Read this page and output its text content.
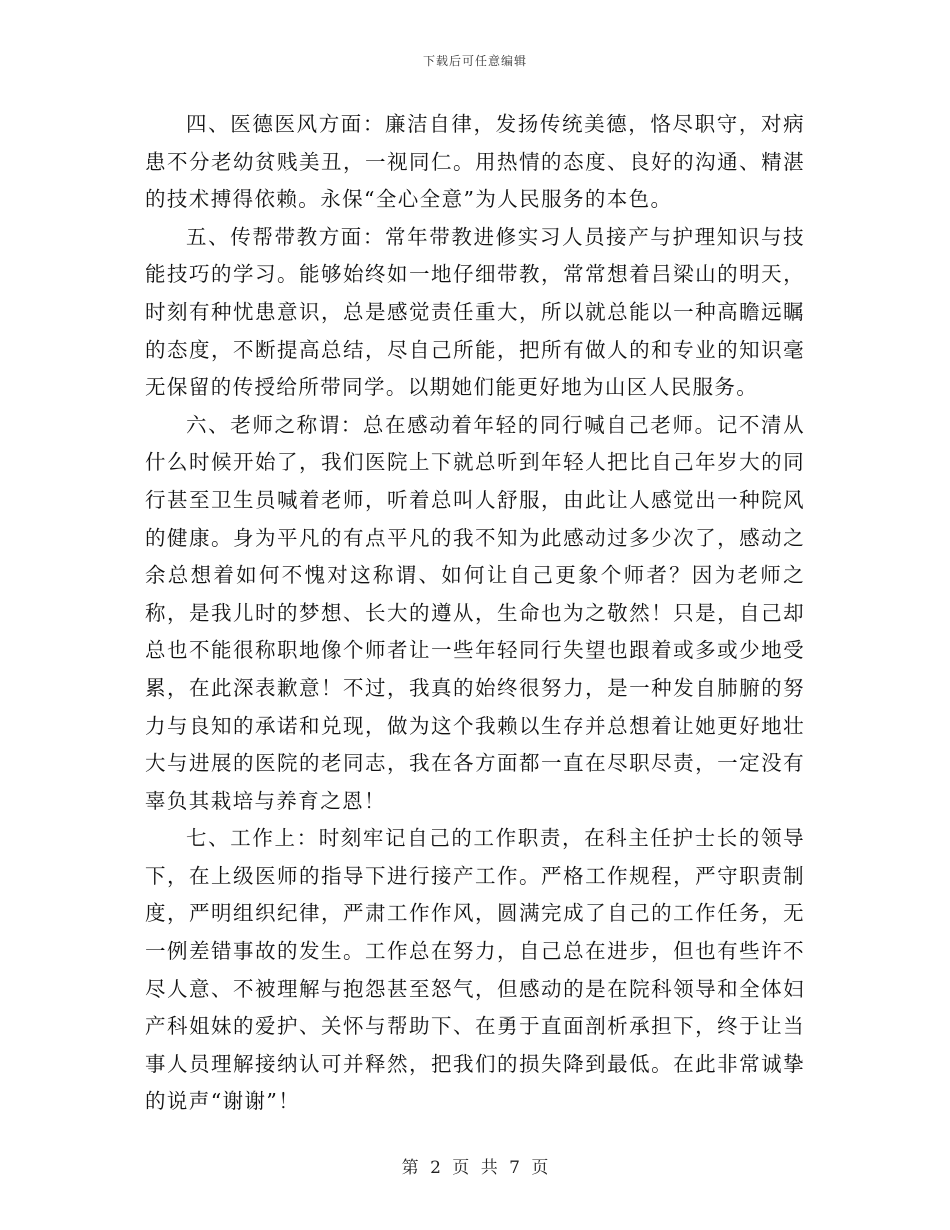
下载后可任意编辑

四、医德医风方面：廉洁自律，发扬传统美德，恪尽职守，对病患不分老幼贫贱美丑，一视同仁。用热情的态度、良好的沟通、精湛的技术搏得依赖。永保“全心全意”为人民服务的本色。

五、传帮带教方面：常年带教进修实习人员接产与护理知识与技能技巧的学习。能够始终如一地仔细带教，常常想着吕梁山的明天，时刻有种忧患意识，总是感觉责任重大，所以就总能以一种高瞻远瞩的态度，不断提高总结，尽自己所能，把所有做人的和专业的知识毫无保留的传授给所带同学。以期她们能更好地为山区人民服务。

六、老师之称谓：总在感动着年轻的同行喊自己老师。记不清从什么时候开始了，我们医院上下就总听到年轻人把比自己年岁大的同行甚至卫生员喊着老师，听着总叫人舒服，由此让人感觉出一种院风的健康。身为平凡的有点平凡的我不知为此感动过多少次了，感动之余总想着如何不愧对这称谓、如何让自己更象个师者？因为老师之称，是我儿时的梦想、长大的遵从，生命也为之敬然！只是，自己却总也不能很称职地像个师者让一些年轻同行失望也跟着或多或少地受累，在此深表歉意！不过，我真的始终很努力，是一种发自肺腑的努力与良知的承诺和兑现，做为这个我赖以生存并总想着让她更好地壮大与进展的医院的老同志，我在各方面都一直在尽职尽责，一定没有辜负其栽培与养育之恩！

七、工作上：时刻牢记自己的工作职责，在科主任护士长的领导下，在上级医师的指导下进行接产工作。严格工作规程，严守职责制度，严明组织纪律，严肃工作作风，圆满完成了自己的工作任务，无一例差错事故的发生。工作总在努力，自己总在进步，但也有些许不尽人意、不被理解与抱怨甚至怒气，但感动的是在院科领导和全体妇产科姐妹的爱护、关怀与帮助下、在勇于直面剖析承担下，终于让当事人员理解接纳认可并释然，把我们的损失降到最低。在此非常诚挚的说声“谢谢”！

第 2 页 共 7 页
